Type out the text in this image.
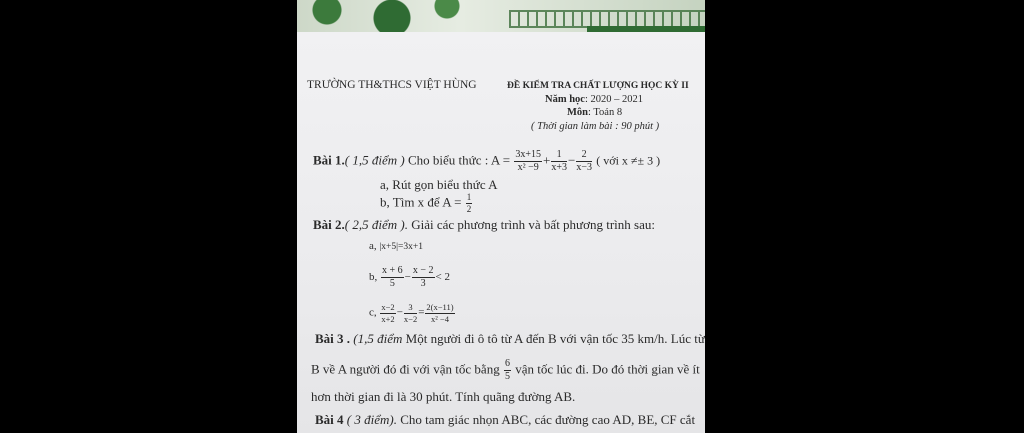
TRƯỜNG TH&THCS VIỆT HÙNG	ĐỀ KIỂM TRA CHẤT LƯỢNG HỌC KỲ II
Năm học: 2020 – 2021
Môn: Toán 8
( Thời gian làm bài : 90 phút )
Bài 1.( 1,5 điểm ) Cho biểu thức : $A = \frac{3x+15}{\text{x² −9}} + \frac{1}{x+3} - \frac{2}{x-3}$ ( với x ≠± 3 )
a, Rút gọn biểu thức A
b, Tìm x để $A = \frac{1}{2}$
Bài 2.( 2,5 điểm ). Giải các phương trình và bất phương trình sau:
a, |x+5|=3x+1
b, $\frac{x + 6}{5} - \frac{x - 2}{3} < 2$
c, $\frac{x-2}{x+2} - \frac{3}{x-2} = \frac{2(x-11)}{\text{x² −4}}$
Bài 3 . (1,5 điểm Một người đi ô tô từ A đến B với vận tốc 35 km/h. Lúc từ
B về A người đó đi với vận tốc bằng $\frac{6}{5}$ vận tốc lúc đi. Do đó thời gian về ít
hơn thời gian đi là 30 phút. Tính quãng đường AB.
Bài 4 ( 3 điểm). Cho tam giác nhọn ABC, các đường cao AD, BE, CF cắt
